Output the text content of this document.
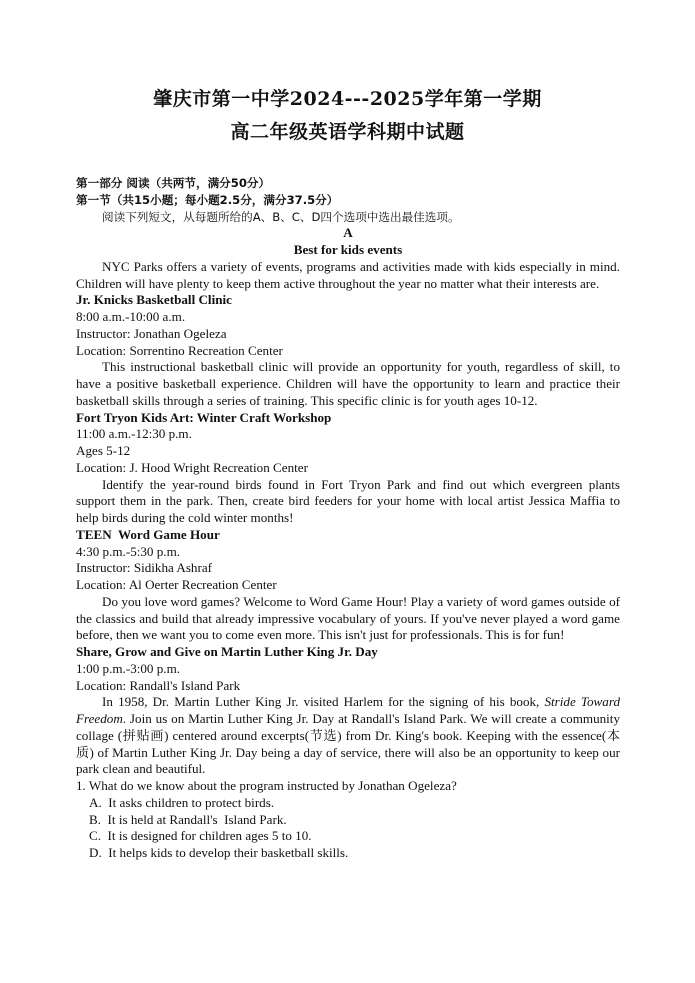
肇庆市第一中学2024---2025学年第一学期
高二年级英语学科期中试题
第一部分 阅读（共两节，满分50分）
第一节（共15小题；每小题2.5分，满分37.5分）
阅读下列短文，从每题所给的A、B、C、D四个选项中选出最佳选项。
A
Best for kids events

NYC Parks offers a variety of events, programs and activities made with kids especially in mind. Children will have plenty to keep them active throughout the year no matter what their interests are.

Jr. Knicks Basketball Clinic
8:00 a.m.-10:00 a.m.
Instructor: Jonathan Ogeleza
Location: Sorrentino Recreation Center

This instructional basketball clinic will provide an opportunity for youth, regardless of skill, to have a positive basketball experience. Children will have the opportunity to learn and practice their basketball skills through a series of training. This specific clinic is for youth ages 10-12.

Fort Tryon Kids Art: Winter Craft Workshop
11:00 a.m.-12:30 p.m.
Ages 5-12
Location: J. Hood Wright Recreation Center

Identify the year-round birds found in Fort Tryon Park and find out which evergreen plants support them in the park. Then, create bird feeders for your home with local artist Jessica Maffia to help birds during the cold winter months!

TEEN  Word Game Hour
4:30 p.m.-5:30 p.m.
Instructor: Sidikha Ashraf
Location: Al Oerter Recreation Center

Do you love word games? Welcome to Word Game Hour! Play a variety of word games outside of the classics and build that already impressive vocabulary of yours. If you've never played a word game before, then we want you to come even more. This isn't just for professionals. This is for fun!

Share, Grow and Give on Martin Luther King Jr. Day
1:00 p.m.-3:00 p.m.
Location: Randall's Island Park

In 1958, Dr. Martin Luther King Jr. visited Harlem for the signing of his book, Stride Toward Freedom. Join us on Martin Luther King Jr. Day at Randall's Island Park. We will create a community collage (拼贴画) centered around excerpts(节选) from Dr. King's book. Keeping with the essence(本质) of Martin Luther King Jr. Day being a day of service, there will also be an opportunity to keep our park clean and beautiful.

1. What do we know about the program instructed by Jonathan Ogeleza?
A.  It asks children to protect birds.
B.  It is held at Randall's  Island Park.
C.  It is designed for children ages 5 to 10.
D.  It helps kids to develop their basketball skills.
